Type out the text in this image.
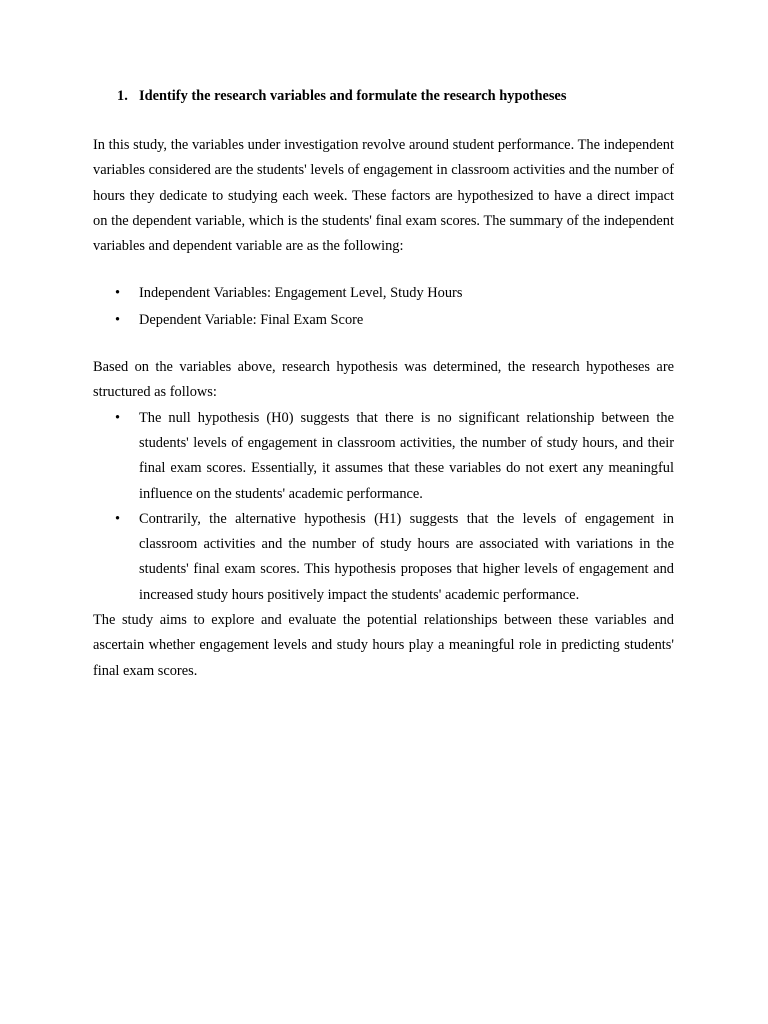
1. Identify the research variables and formulate the research hypotheses

In this study, the variables under investigation revolve around student performance. The independent variables considered are the students' levels of engagement in classroom activities and the number of hours they dedicate to studying each week. These factors are hypothesized to have a direct impact on the dependent variable, which is the students' final exam scores. The summary of the independent variables and dependent variable are as the following:

•	Independent Variables: Engagement Level, Study Hours
•	Dependent Variable: Final Exam Score

Based on the variables above, research hypothesis was determined, the research hypotheses are structured as follows:

•	The null hypothesis (H0) suggests that there is no significant relationship between the students' levels of engagement in classroom activities, the number of study hours, and their final exam scores. Essentially, it assumes that these variables do not exert any meaningful influence on the students' academic performance.
•	Contrarily, the alternative hypothesis (H1) suggests that the levels of engagement in classroom activities and the number of study hours are associated with variations in the students' final exam scores. This hypothesis proposes that higher levels of engagement and increased study hours positively impact the students' academic performance.

The study aims to explore and evaluate the potential relationships between these variables and ascertain whether engagement levels and study hours play a meaningful role in predicting students' final exam scores.
